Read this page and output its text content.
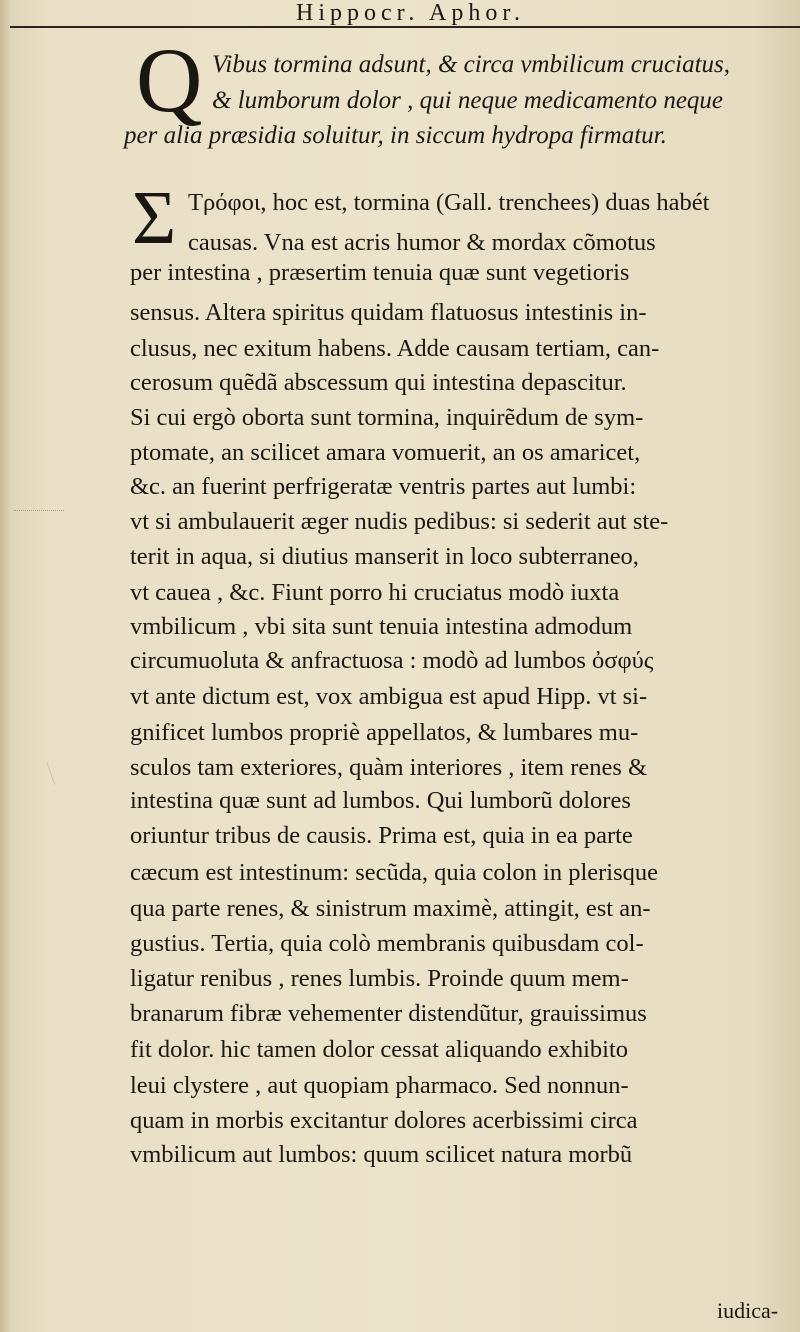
Hippocr. Aphor.
Q Vibus tormina adsunt, & circa vmbilicum cruciatus,
& lumborum dolor , qui neque medicamento neque
per alia præsidia soluitur, in siccum hydropa firmatur.
Σ Τρόφοι, hoc est, tormina (Gall. trenchees) duas habét
causas. Vna est acris humor & mordax cõmotus
per intestina , præsertim tenuia quæ sunt vegetioris
sensus. Altera spiritus quidam flatuosus intestinis in-
clusus, nec exitum habens. Adde causam tertiam, can-
cerosum quẽdã abscessum qui intestina depascitur.
Si cui ergò oborta sunt tormina, inquirẽdum de sym-
ptomate, an scilicet amara vomuerit, an os amaricet,
&c. an fuerint perfrigeratæ ventris partes aut lumbi:
vt si ambulauerit æger nudis pedibus: si sederit aut ste-
terit in aqua, si diutius manserit in loco subterraneo,
vt cauea , &c. Fiunt porro hi cruciatus modò iuxta
vmbilicum , vbi sita sunt tenuia intestina admodum
circumuoluta & anfractuosa : modò ad lumbos ὀσφύς
vt ante dictum est, vox ambigua est apud Hipp. vt si-
gnificet lumbos propriè appellatos, & lumbares mu-
sculos tam exteriores, quàm interiores , item renes &
intestina quæ sunt ad lumbos. Qui lumborũ dolores
oriuntur tribus de causis. Prima est, quia in ea parte
cæcum est intestinum: secũda, quia colon in plerisque
qua parte renes, & sinistrum maximè, attingit, est an-
gustius. Tertia, quia colò membranis quibusdam col-
ligatur renibus , renes lumbis. Proinde quum mem-
branarum fibræ vehementer distendũtur, grauissimus
fit dolor. hic tamen dolor cessat aliquando exhibito
leui clystere , aut quopiam pharmaco. Sed nonnun-
quam in morbis excitantur dolores acerbissimi circa
vmbilicum aut lumbos: quum scilicet natura morbũ
iudica-
